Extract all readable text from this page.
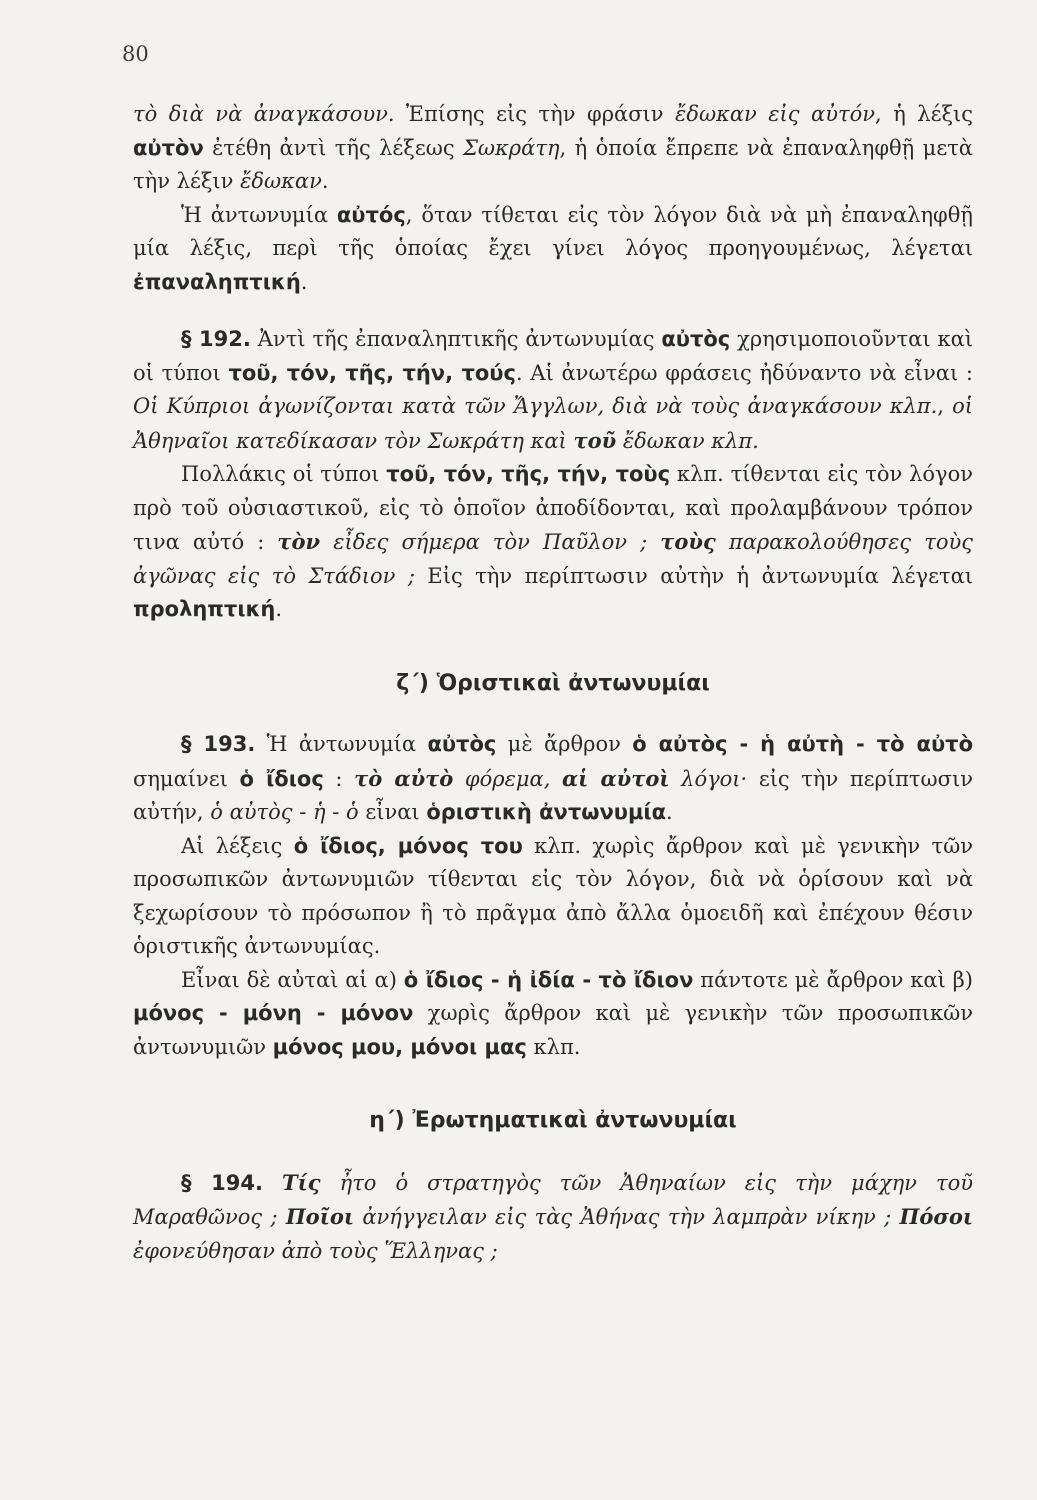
80

τὸ διὰ νὰ ἀναγκάσουν. Ἐπίσης εἰς τὴν φράσιν ἔδωκαν εἰς αὐτόν, ἡ λέξις αὐτὸν ἐτέθη ἀντὶ τῆς λέξεως Σωκράτη, ἡ ὁποία ἔπρεπε νὰ ἐπαναληφθῇ μετὰ τὴν λέξιν ἔδωκαν.

Ἡ ἀντωνυμία αὐτός, ὅταν τίθεται εἰς τὸν λόγον διὰ νὰ μὴ ἐπαναληφθῇ μία λέξις, περὶ τῆς ὁποίας ἔχει γίνει λόγος προηγουμένως, λέγεται ἐπαναληπτική.

§ 192. Ἀντὶ τῆς ἐπαναληπτικῆς ἀντωνυμίας αὐτὸς χρησιμοποιοῦνται καὶ οἱ τύποι τοῦ, τόν, τῆς, τήν, τούς. Αἱ ἀνωτέρω φράσεις ἠδύναντο νὰ εἶναι : Οἱ Κύπριοι ἀγωνίζονται κατὰ τῶν Ἄγγλων, διὰ νὰ τοὺς ἀναγκάσουν κλπ., οἱ Ἀθηναῖοι κατεδίκασαν τὸν Σωκράτη καὶ τοῦ ἔδωκαν κλπ.

Πολλάκις οἱ τύποι τοῦ, τόν, τῆς, τήν, τοὺς κλπ. τίθενται εἰς τὸν λόγον πρὸ τοῦ οὐσιαστικοῦ, εἰς τὸ ὁποῖον ἀποδίδονται, καὶ προλαμβάνουν τρόπον τινα αὐτό : τὸν εἶδες σήμερα τὸν Παῦλον ; τοὺς παρακολούθησες τοὺς ἀγῶνας εἰς τὸ Στάδιον ; Εἰς τὴν περίπτωσιν αὐτὴν ἡ ἀντωνυμία λέγεται προληπτική.

ζ΄) Ὁριστικαὶ ἀντωνυμίαι

§ 193. Ἡ ἀντωνυμία αὐτὸς μὲ ἄρθρον ὁ αὐτὸς - ἡ αὐτὴ - τὸ αὐτὸ σημαίνει ὁ ἴδιος : τὸ αὐτὸ φόρεμα, αἱ αὐτοὶ λόγοι· εἰς τὴν περίπτωσιν αὐτήν, ὁ αὐτὸς - ἡ - ὁ εἶναι ὁριστικὴ ἀντωνυμία.

Αἱ λέξεις ὁ ἴδιος, μόνος του κλπ. χωρὶς ἄρθρον καὶ μὲ γενικὴν τῶν προσωπικῶν ἀντωνυμιῶν τίθενται εἰς τὸν λόγον, διὰ νὰ ὁρίσουν καὶ νὰ ξεχωρίσουν τὸ πρόσωπον ἢ τὸ πρᾶγμα ἀπὸ ἄλλα ὁμοειδῆ καὶ ἐπέχουν θέσιν ὁριστικῆς ἀντωνυμίας.

Εἶναι δὲ αὐταὶ αἱ α) ὁ ἴδιος - ἡ ἰδία - τὸ ἴδιον πάντοτε μὲ ἄρθρον καὶ β) μόνος - μόνη - μόνον χωρὶς ἄρθρον καὶ μὲ γενικὴν τῶν προσωπικῶν ἀντωνυμιῶν μόνος μου, μόνοι μας κλπ.

η΄) Ἐρωτηματικαὶ ἀντωνυμίαι

§ 194. Τίς ἦτο ὁ στρατηγὸς τῶν Ἀθηναίων εἰς τὴν μάχην τοῦ Μαραθῶνος ; Ποῖοι ἀνήγγειλαν εἰς τὰς Ἀθήνας τὴν λαμπρὰν νίκην ; Πόσοι ἐφονεύθησαν ἀπὸ τοὺς Ἕλληνας ;
